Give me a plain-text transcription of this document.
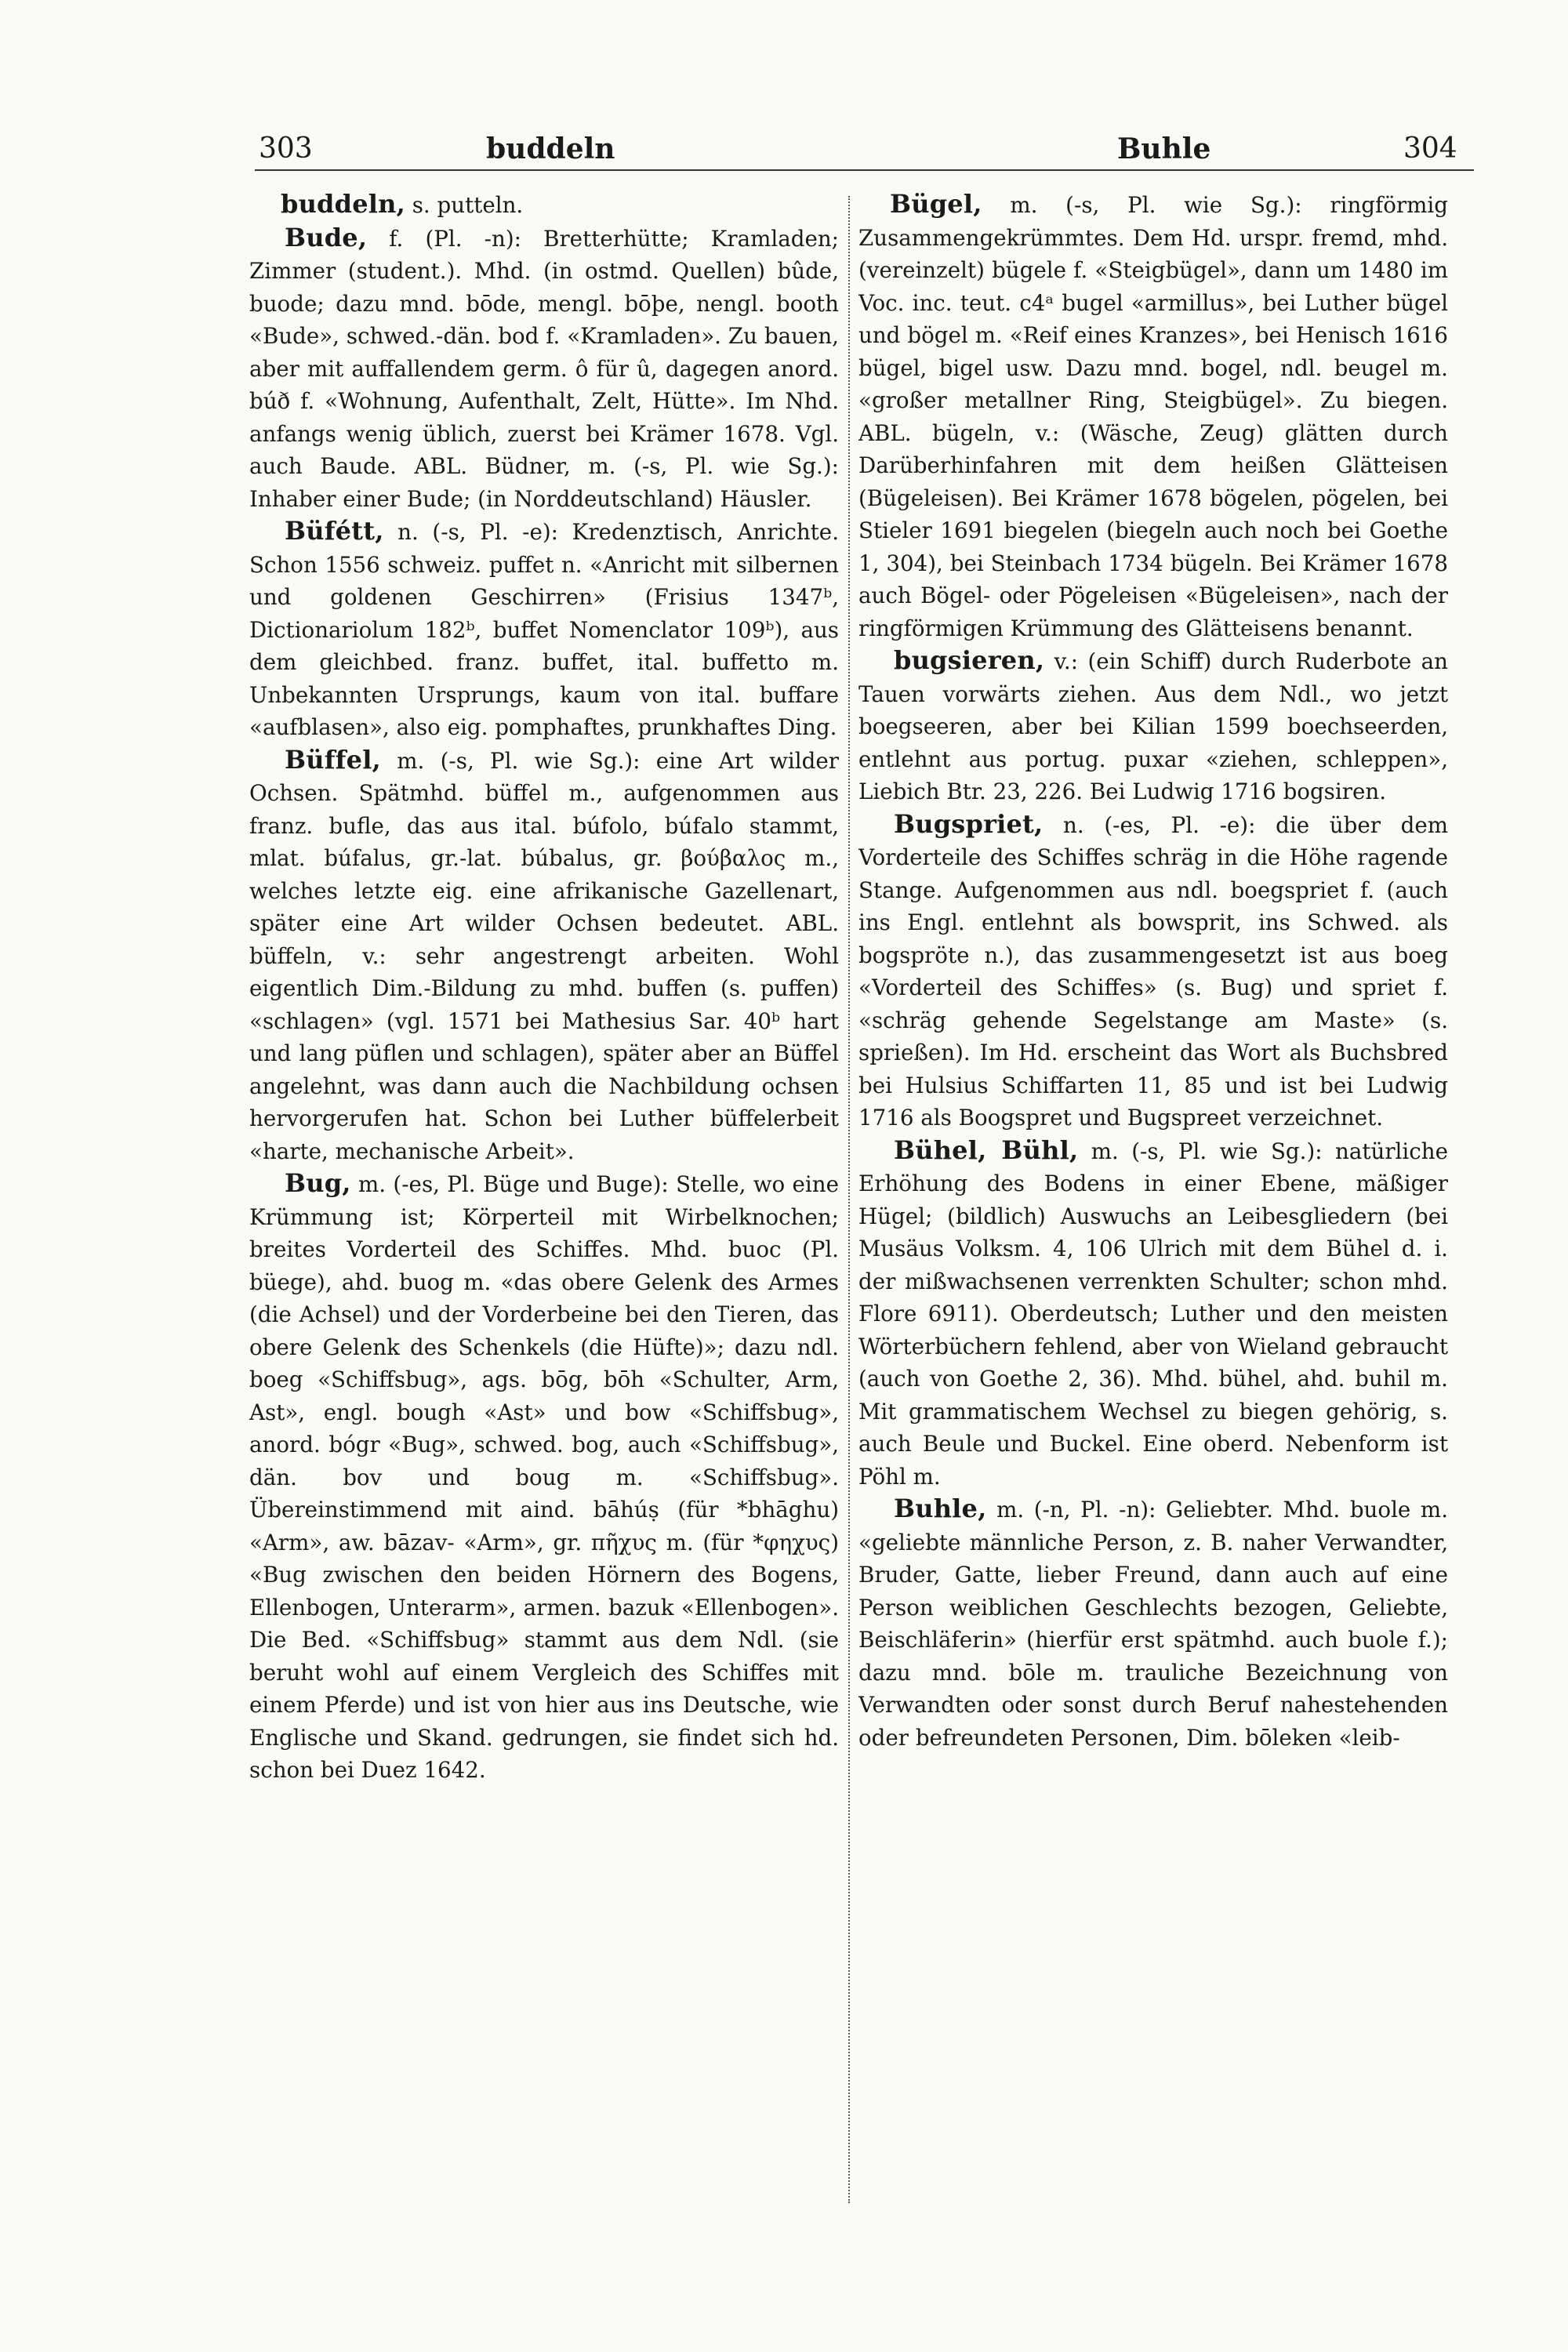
303	buddeln	Buhle	304

buddeln, s. putteln.

Bude, f. (Pl. -n): Bretterhütte; Kramladen; Zimmer (student.). Mhd. (in ostmd. Quellen) bûde, buode; dazu mnd. bōde, mengl. bōþe, nengl. booth «Bude», schwed.-dän. bod f. «Kramladen». Zu bauen, aber mit auffallendem germ. ô für û, dagegen anord. búð f. «Wohnung, Aufenthalt, Zelt, Hütte». Im Nhd. anfangs wenig üblich, zuerst bei Krämer 1678. Vgl. auch Baude. ABL. Büdner, m. (-s, Pl. wie Sg.): Inhaber einer Bude; (in Norddeutschland) Häusler.

Büfétt, n. (-s, Pl. -e): Kredenztisch, Anrichte. Schon 1556 schweiz. puffet n. «Anricht mit silbernen und goldenen Geschirren» (Frisius 1347ᵇ, Dictionariolum 182ᵇ, buffet Nomenclator 109ᵇ), aus dem gleichbed. franz. buffet, ital. buffetto m. Unbekannten Ursprungs, kaum von ital. buffare «aufblasen», also eig. pomphaftes, prunkhaftes Ding.

Büffel, m. (-s, Pl. wie Sg.): eine Art wilder Ochsen. Spätmhd. büffel m., aufgenommen aus franz. bufle, das aus ital. búfolo, búfalo stammt, mlat. búfalus, gr.-lat. búbalus, gr. βούβαλος m., welches letzte eig. eine afrikanische Gazellenart, später eine Art wilder Ochsen bedeutet. ABL. büffeln, v.: sehr angestrengt arbeiten. Wohl eigentlich Dim.-Bildung zu mhd. buffen (s. puffen) «schlagen» (vgl. 1571 bei Mathesius Sar. 40ᵇ hart und lang püflen und schlagen), später aber an Büffel angelehnt, was dann auch die Nachbildung ochsen hervorgerufen hat. Schon bei Luther büffelerbeit «harte, mechanische Arbeit».

Bug, m. (-es, Pl. Büge und Buge): Stelle, wo eine Krümmung ist; Körperteil mit Wirbelknochen; breites Vorderteil des Schiffes. Mhd. buoc (Pl. büege), ahd. buog m. «das obere Gelenk des Armes (die Achsel) und der Vorderbeine bei den Tieren, das obere Gelenk des Schenkels (die Hüfte)»; dazu ndl. boeg «Schiffsbug», ags. bōg, bōh «Schulter, Arm, Ast», engl. bough «Ast» und bow «Schiffsbug», anord. bógr «Bug», schwed. bog, auch «Schiffsbug», dän. bov und boug m. «Schiffsbug». Übereinstimmend mit aind. bāhúṣ (für *bhāghu) «Arm», aw. bāzav- «Arm», gr. πῆχυς m. (für *φηχυς) «Bug zwischen den beiden Hörnern des Bogens, Ellenbogen, Unterarm», armen. bazuk «Ellenbogen». Die Bed. «Schiffsbug» stammt aus dem Ndl. (sie beruht wohl auf einem Vergleich des Schiffes mit einem Pferde) und ist von hier aus ins Deutsche, wie Englische und Skand. gedrungen, sie findet sich hd. schon bei Duez 1642.

Bügel, m. (-s, Pl. wie Sg.): ringförmig Zusammengekrümmtes. Dem Hd. urspr. fremd, mhd. (vereinzelt) bügele f. «Steigbügel», dann um 1480 im Voc. inc. teut. c4ᵃ bugel «armillus», bei Luther bügel und bögel m. «Reif eines Kranzes», bei Henisch 1616 bügel, bigel usw. Dazu mnd. bogel, ndl. beugel m. «großer metallner Ring, Steigbügel». Zu biegen. ABL. bügeln, v.: (Wäsche, Zeug) glätten durch Darüberhinfahren mit dem heißen Glätteisen (Bügeleisen). Bei Krämer 1678 bögelen, pögelen, bei Stieler 1691 biegelen (biegeln auch noch bei Goethe 1, 304), bei Steinbach 1734 bügeln. Bei Krämer 1678 auch Bögel- oder Pögeleisen «Bügeleisen», nach der ringförmigen Krümmung des Glätteisens benannt.

bugsieren, v.: (ein Schiff) durch Ruderbote an Tauen vorwärts ziehen. Aus dem Ndl., wo jetzt boegseeren, aber bei Kilian 1599 boechseerden, entlehnt aus portug. puxar «ziehen, schleppen», Liebich Btr. 23, 226. Bei Ludwig 1716 bogsiren.

Bugspriet, n. (-es, Pl. -e): die über dem Vorderteile des Schiffes schräg in die Höhe ragende Stange. Aufgenommen aus ndl. boegspriet f. (auch ins Engl. entlehnt als bowsprit, ins Schwed. als bogspröte n.), das zusammengesetzt ist aus boeg «Vorderteil des Schiffes» (s. Bug) und spriet f. «schräg gehende Segelstange am Maste» (s. sprießen). Im Hd. erscheint das Wort als Buchsbred bei Hulsius Schiffarten 11, 85 und ist bei Ludwig 1716 als Boogspret und Bugspreet verzeichnet.

Bühel, Bühl, m. (-s, Pl. wie Sg.): natürliche Erhöhung des Bodens in einer Ebene, mäßiger Hügel; (bildlich) Auswuchs an Leibesgliedern (bei Musäus Volksm. 4, 106 Ulrich mit dem Bühel d. i. der mißwachsenen verrenkten Schulter; schon mhd. Flore 6911). Oberdeutsch; Luther und den meisten Wörterbüchern fehlend, aber von Wieland gebraucht (auch von Goethe 2, 36). Mhd. bühel, ahd. buhil m. Mit grammatischem Wechsel zu biegen gehörig, s. auch Beule und Buckel. Eine oberd. Nebenform ist Pöhl m.

Buhle, m. (-n, Pl. -n): Geliebter. Mhd. buole m. «geliebte männliche Person, z. B. naher Verwandter, Bruder, Gatte, lieber Freund, dann auch auf eine Person weiblichen Geschlechts bezogen, Geliebte, Beischläferin» (hierfür erst spätmhd. auch buole f.); dazu mnd. bōle m. trauliche Bezeichnung von Verwandten oder sonst durch Beruf nahestehenden oder befreundeten Personen, Dim. bōleken «leib-
